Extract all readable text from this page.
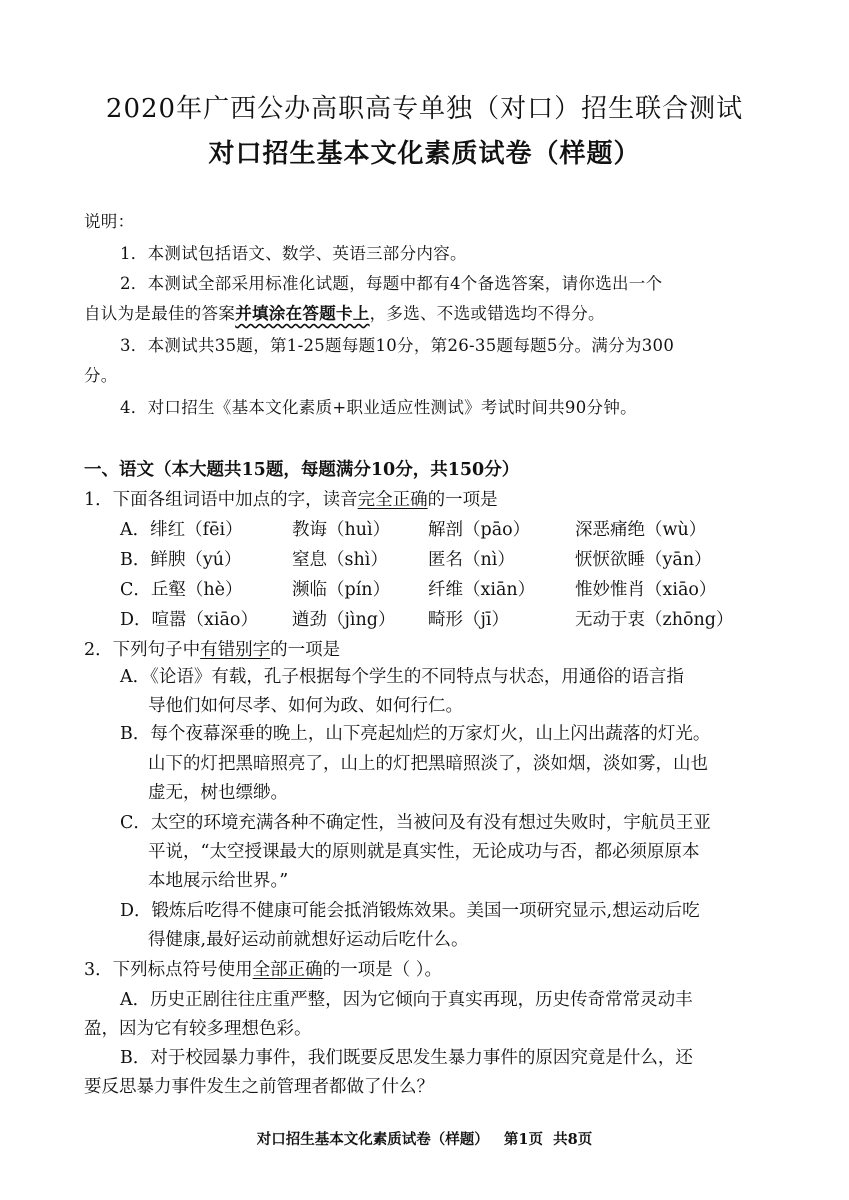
2020年广西公办高职高专单独（对口）招生联合测试
对口招生基本文化素质试卷（样题）
说明：
1．本测试包括语文、数学、英语三部分内容。
2．本测试全部采用标准化试题，每题中都有4个备选答案，请你选出一个
自认为是最佳的答案并填涂在答题卡上，多选、不选或错选均不得分。
3．本测试共35题，第1-25题每题10分，第26-35题每题5分。满分为300
分。
4．对口招生《基本文化素质+职业适应性测试》考试时间共90分钟。
一、语文（本大题共15题，每题满分10分，共150分）
1．下面各组词语中加点的字，读音完全正确的一项是
A．绯红（fēi）	教诲（huì） 解剖（pāo）	深恶痛绝（wù）
B．鲜腴（yú）	窒息（shì） 匿名（nì）	恹恹欲睡（yān）
C．丘壑（hè）	濒临（pín） 纤维（xiān） 惟妙惟肖（xiāo）
D．喧嚣（xiāo） 遒劲（jìng） 畸形（jī）	无动于衷（zhōng）
2．下列句子中有错别字的一项是
A．《论语》有载，孔子根据每个学生的不同特点与状态，用通俗的语言指
导他们如何尽孝、如何为政、如何行仁。
B．每个夜幕深垂的晚上，山下亮起灿烂的万家灯火，山上闪出蔬落的灯光。
山下的灯把黑暗照亮了，山上的灯把黑暗照淡了，淡如烟，淡如雾，山也
虚无，树也缥缈。
C．太空的环境充满各种不确定性，当被问及有没有想过失败时，宇航员王亚
平说，“太空授课最大的原则就是真实性，无论成功与否，都必须原原本
本地展示给世界。”
D．锻炼后吃得不健康可能会抵消锻炼效果。美国一项研究显示,想运动后吃
得健康,最好运动前就想好运动后吃什么。
3．下列标点符号使用全部正确的一项是（ ）。
A．历史正剧往往庄重严整，因为它倾向于真实再现，历史传奇常常灵动丰
盈，因为它有较多理想色彩。
B．对于校园暴力事件，我们既要反思发生暴力事件的原因究竟是什么，还
要反思暴力事件发生之前管理者都做了什么？
对口招生基本文化素质试卷（样题）   第1页  共8页
